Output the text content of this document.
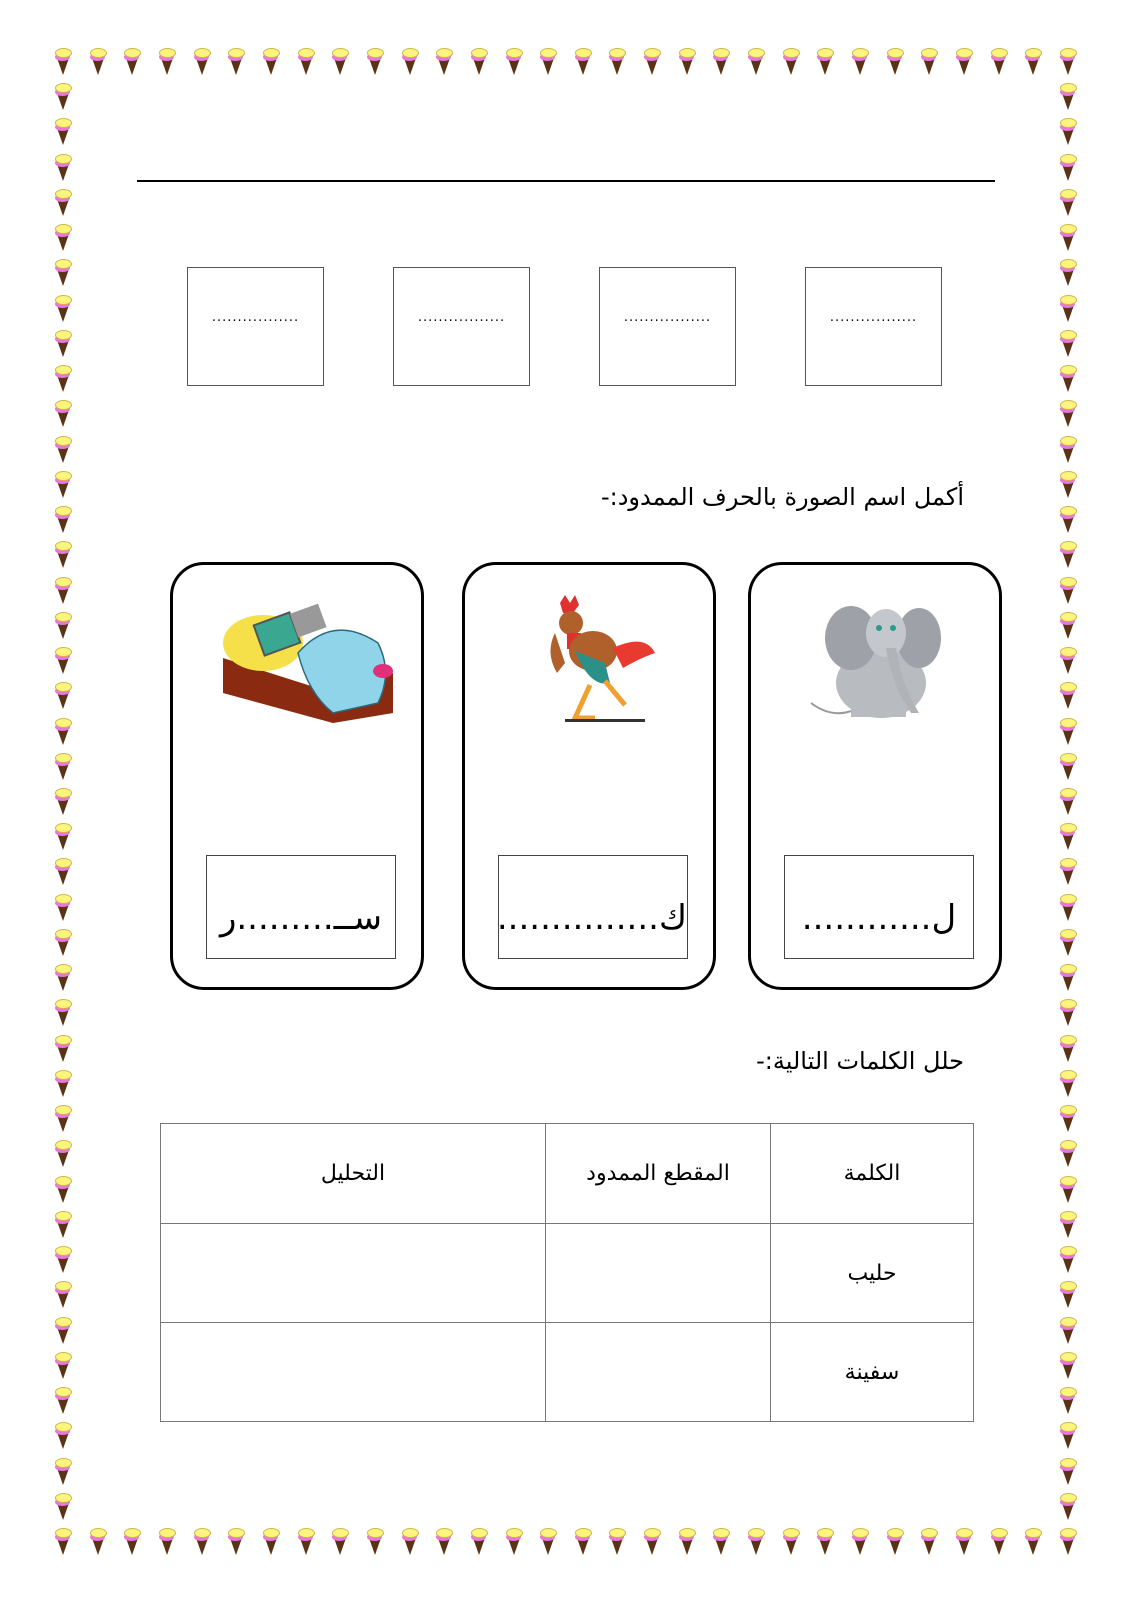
.................	.................	.................	.................
أكمل اسم الصورة بالحرف الممدود:-
ل............
ك...............
ســ.........ر
حلل الكلمات التالية:-
الكلمة	المقطع الممدود	التحليل
حليب		
سفينة		
